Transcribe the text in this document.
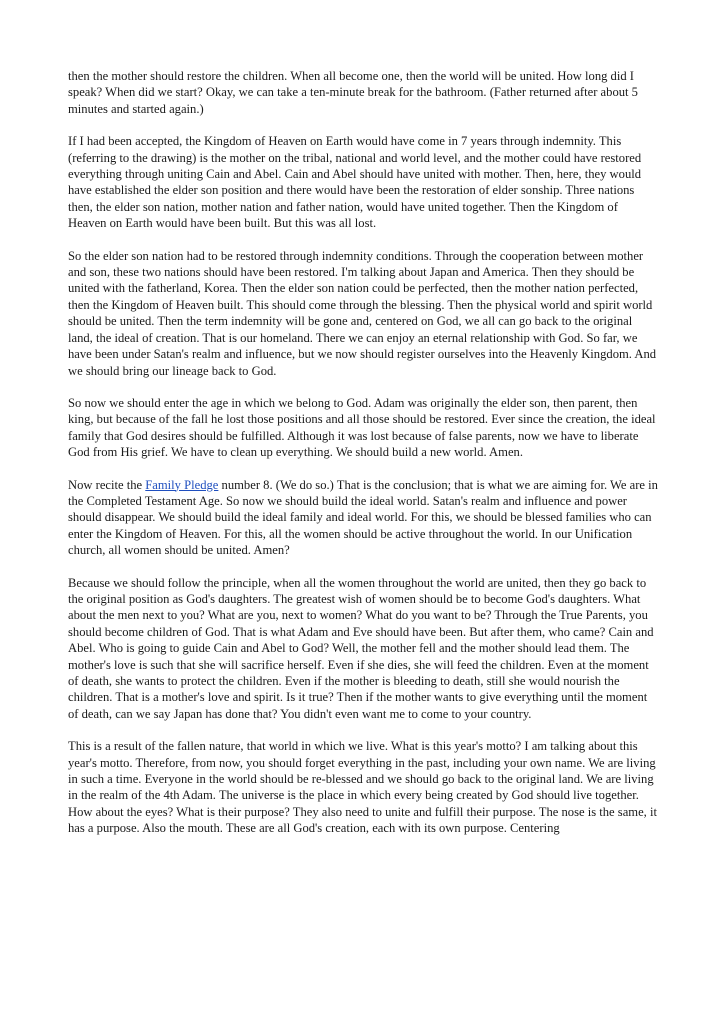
then the mother should restore the children. When all become one, then the world will be united. How long did I speak? When did we start? Okay, we can take a ten-minute break for the bathroom. (Father returned after about 5 minutes and started again.)

If I had been accepted, the Kingdom of Heaven on Earth would have come in 7 years through indemnity. This (referring to the drawing) is the mother on the tribal, national and world level, and the mother could have restored everything through uniting Cain and Abel. Cain and Abel should have united with mother. Then, here, they would have established the elder son position and there would have been the restoration of elder sonship. Three nations then, the elder son nation, mother nation and father nation, would have united together. Then the Kingdom of Heaven on Earth would have been built. But this was all lost.

So the elder son nation had to be restored through indemnity conditions. Through the cooperation between mother and son, these two nations should have been restored. I'm talking about Japan and America. Then they should be united with the fatherland, Korea. Then the elder son nation could be perfected, then the mother nation perfected, then the Kingdom of Heaven built. This should come through the blessing. Then the physical world and spirit world should be united. Then the term indemnity will be gone and, centered on God, we all can go back to the original land, the ideal of creation. That is our homeland. There we can enjoy an eternal relationship with God. So far, we have been under Satan's realm and influence, but we now should register ourselves into the Heavenly Kingdom. And we should bring our lineage back to God.

So now we should enter the age in which we belong to God. Adam was originally the elder son, then parent, then king, but because of the fall he lost those positions and all those should be restored. Ever since the creation, the ideal family that God desires should be fulfilled. Although it was lost because of false parents, now we have to liberate God from His grief. We have to clean up everything. We should build a new world. Amen.

Now recite the Family Pledge number 8. (We do so.) That is the conclusion; that is what we are aiming for. We are in the Completed Testament Age. So now we should build the ideal world. Satan's realm and influence and power should disappear. We should build the ideal family and ideal world. For this, we should be blessed families who can enter the Kingdom of Heaven. For this, all the women should be active throughout the world. In our Unification church, all women should be united. Amen?

Because we should follow the principle, when all the women throughout the world are united, then they go back to the original position as God's daughters. The greatest wish of women should be to become God's daughters. What about the men next to you? What are you, next to women? What do you want to be? Through the True Parents, you should become children of God. That is what Adam and Eve should have been. But after them, who came? Cain and Abel. Who is going to guide Cain and Abel to God? Well, the mother fell and the mother should lead them. The mother's love is such that she will sacrifice herself. Even if she dies, she will feed the children. Even at the moment of death, she wants to protect the children. Even if the mother is bleeding to death, still she would nourish the children. That is a mother's love and spirit. Is it true? Then if the mother wants to give everything until the moment of death, can we say Japan has done that? You didn't even want me to come to your country.

This is a result of the fallen nature, that world in which we live. What is this year's motto? I am talking about this year's motto. Therefore, from now, you should forget everything in the past, including your own name. We are living in such a time. Everyone in the world should be re-blessed and we should go back to the original land. We are living in the realm of the 4th Adam. The universe is the place in which every being created by God should live together. How about the eyes? What is their purpose? They also need to unite and fulfill their purpose. The nose is the same, it has a purpose. Also the mouth. These are all God's creation, each with its own purpose. Centering
